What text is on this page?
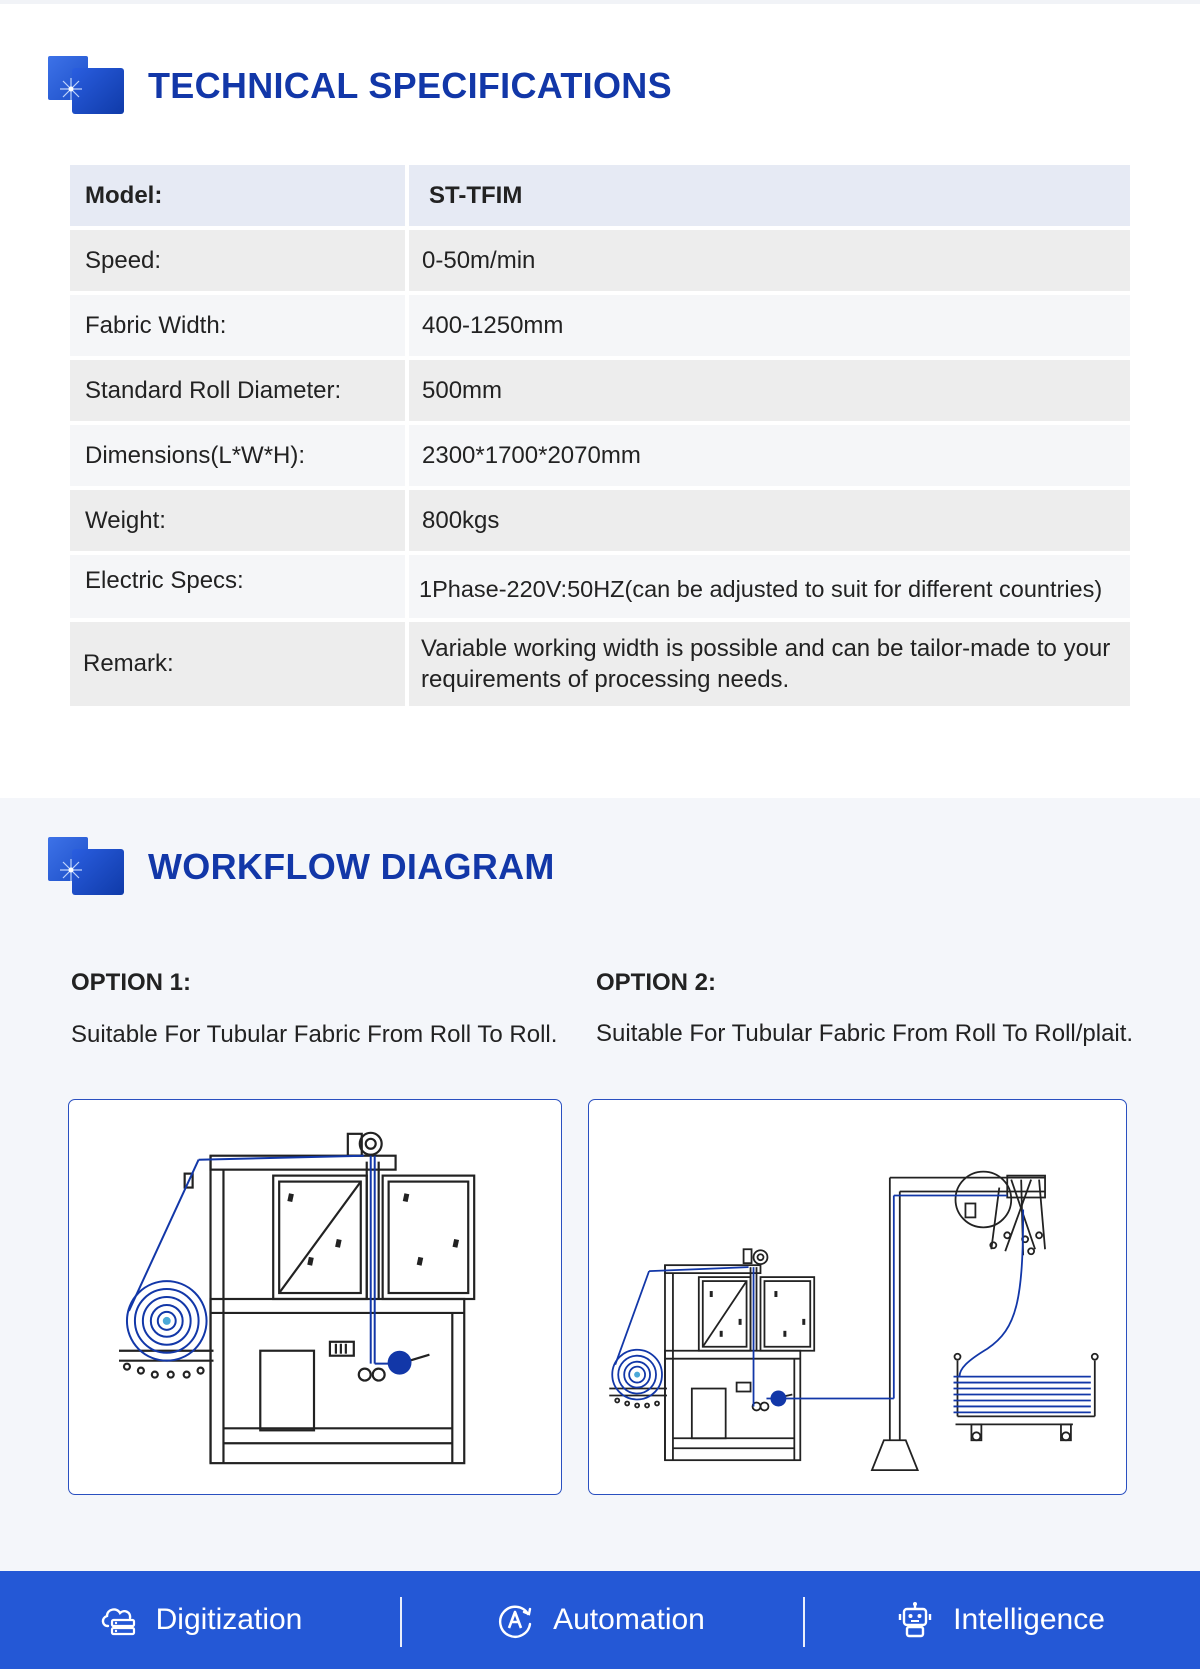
TECHNICAL SPECIFICATIONS
Model:	ST-TFIM
Speed:	0-50m/min
Fabric Width:	400-1250mm
Standard Roll Diameter:	500mm
Dimensions(L*W*H):	2300*1700*2070mm
Weight:	800kgs
Electric Specs:	1Phase-220V:50HZ(can be adjusted to suit for different countries)
Remark:
Variable working width is possible and can be tailor-made to your requirements of processing needs.
WORKFLOW DIAGRAM
OPTION 1:
Suitable For Tubular Fabric From Roll To Roll.
OPTION 2:
Suitable For Tubular Fabric From Roll To Roll/plait.
Digitization	Automation	Intelligence
